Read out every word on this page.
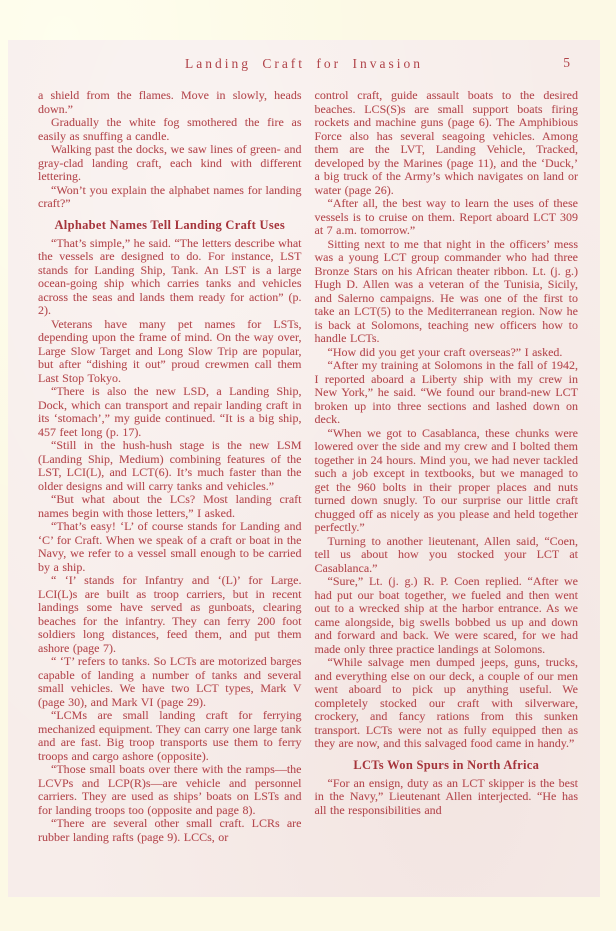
Landing Craft for Invasion	5

a shield from the flames. Move in slowly, heads down.”

Gradually the white fog smothered the fire as easily as snuffing a candle.

Walking past the docks, we saw lines of green- and gray-clad landing craft, each kind with different lettering.

“Won’t you explain the alphabet names for landing craft?”

Alphabet Names Tell Landing Craft Uses

“That’s simple,” he said. “The letters describe what the vessels are designed to do. For instance, LST stands for Landing Ship, Tank. An LST is a large ocean-going ship which carries tanks and vehicles across the seas and lands them ready for action” (p. 2).

Veterans have many pet names for LSTs, depending upon the frame of mind. On the way over, Large Slow Target and Long Slow Trip are popular, but after “dishing it out” proud crewmen call them Last Stop Tokyo.

“There is also the new LSD, a Landing Ship, Dock, which can transport and repair landing craft in its ‘stomach’,” my guide continued. “It is a big ship, 457 feet long (p. 17).

“Still in the hush-hush stage is the new LSM (Landing Ship, Medium) combining features of the LST, LCI(L), and LCT(6). It’s much faster than the older designs and will carry tanks and vehicles.”

“But what about the LCs? Most landing craft names begin with those letters,” I asked.

“That’s easy! ‘L’ of course stands for Landing and ‘C’ for Craft. When we speak of a craft or boat in the Navy, we refer to a vessel small enough to be carried by a ship.

“ ‘I’ stands for Infantry and ‘(L)’ for Large. LCI(L)s are built as troop carriers, but in recent landings some have served as gunboats, clearing beaches for the infantry. They can ferry 200 foot soldiers long distances, feed them, and put them ashore (page 7).

“ ‘T’ refers to tanks. So LCTs are motorized barges capable of landing a number of tanks and several small vehicles. We have two LCT types, Mark V (page 30), and Mark VI (page 29).

“LCMs are small landing craft for ferrying mechanized equipment. They can carry one large tank and are fast. Big troop transports use them to ferry troops and cargo ashore (opposite).

“Those small boats over there with the ramps—the LCVPs and LCP(R)s—are vehicle and personnel carriers. They are used as ships’ boats on LSTs and for landing troops too (opposite and page 8).

“There are several other small craft. LCRs are rubber landing rafts (page 9). LCCs, or

control craft, guide assault boats to the desired beaches. LCS(S)s are small support boats firing rockets and machine guns (page 6). The Amphibious Force also has several seagoing vehicles. Among them are the LVT, Landing Vehicle, Tracked, developed by the Marines (page 11), and the ‘Duck,’ a big truck of the Army’s which navigates on land or water (page 26).

“After all, the best way to learn the uses of these vessels is to cruise on them. Report aboard LCT 309 at 7 a.m. tomorrow.”

Sitting next to me that night in the officers’ mess was a young LCT group commander who had three Bronze Stars on his African theater ribbon. Lt. (j. g.) Hugh D. Allen was a veteran of the Tunisia, Sicily, and Salerno campaigns. He was one of the first to take an LCT(5) to the Mediterranean region. Now he is back at Solomons, teaching new officers how to handle LCTs.

“How did you get your craft overseas?” I asked.

“After my training at Solomons in the fall of 1942, I reported aboard a Liberty ship with my crew in New York,” he said. “We found our brand-new LCT broken up into three sections and lashed down on deck.

“When we got to Casablanca, these chunks were lowered over the side and my crew and I bolted them together in 24 hours. Mind you, we had never tackled such a job except in textbooks, but we managed to get the 960 bolts in their proper places and nuts turned down snugly. To our surprise our little craft chugged off as nicely as you please and held together perfectly.”

Turning to another lieutenant, Allen said, “Coen, tell us about how you stocked your LCT at Casablanca.”

“Sure,” Lt. (j. g.) R. P. Coen replied. “After we had put our boat together, we fueled and then went out to a wrecked ship at the harbor entrance. As we came alongside, big swells bobbed us up and down and forward and back. We were scared, for we had made only three practice landings at Solomons.

“While salvage men dumped jeeps, guns, trucks, and everything else on our deck, a couple of our men went aboard to pick up anything useful. We completely stocked our craft with silverware, crockery, and fancy rations from this sunken transport. LCTs were not as fully equipped then as they are now, and this salvaged food came in handy.”

LCTs Won Spurs in North Africa

“For an ensign, duty as an LCT skipper is the best in the Navy,” Lieutenant Allen interjected. “He has all the responsibilities and
